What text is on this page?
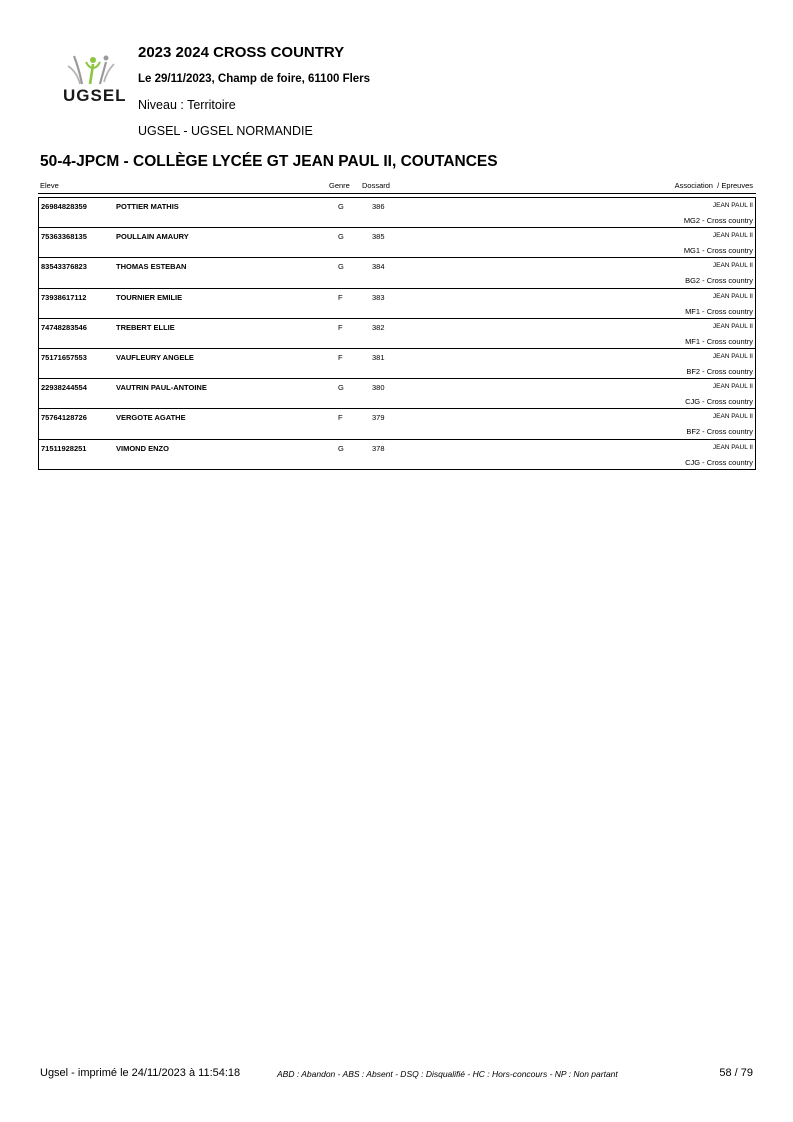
UGSEL
2023 2024 CROSS COUNTRY
Le 29/11/2023, Champ de foire, 61100 Flers
Niveau : Territoire
UGSEL - UGSEL NORMANDIE
50-4-JPCM - COLLÈGE LYCÉE GT JEAN PAUL II, COUTANCES
Eleve	Genre Dossard	Association  / Epreuves
26984828359	POTTIER MATHIS	G	386	JEAN PAUL II
MG2 - Cross country
75363368135	POULLAIN AMAURY	G	385	JEAN PAUL II
MG1 - Cross country
83543376823	THOMAS ESTEBAN	G	384	JEAN PAUL II
BG2 - Cross country
73938617112	TOURNIER EMILIE	F	383	JEAN PAUL II
MF1 - Cross country
74748283546	TREBERT ELLIE	F	382	JEAN PAUL II
MF1 - Cross country
75171657553	VAUFLEURY ANGELE	F	381	JEAN PAUL II
BF2 - Cross country
22938244554	VAUTRIN PAUL-ANTOINE	G	380	JEAN PAUL II
CJG - Cross country
75764128726	VERGOTE AGATHE	F	379	JEAN PAUL II
BF2 - Cross country
71511928251	VIMOND ENZO	G	378	JEAN PAUL II
CJG - Cross country
Ugsel - imprimé le 24/11/2023 à 11:54:18	ABD : Abandon - ABS : Absent - DSQ : Disqualifié - HC : Hors-concours - NP : Non partant	58 / 79
